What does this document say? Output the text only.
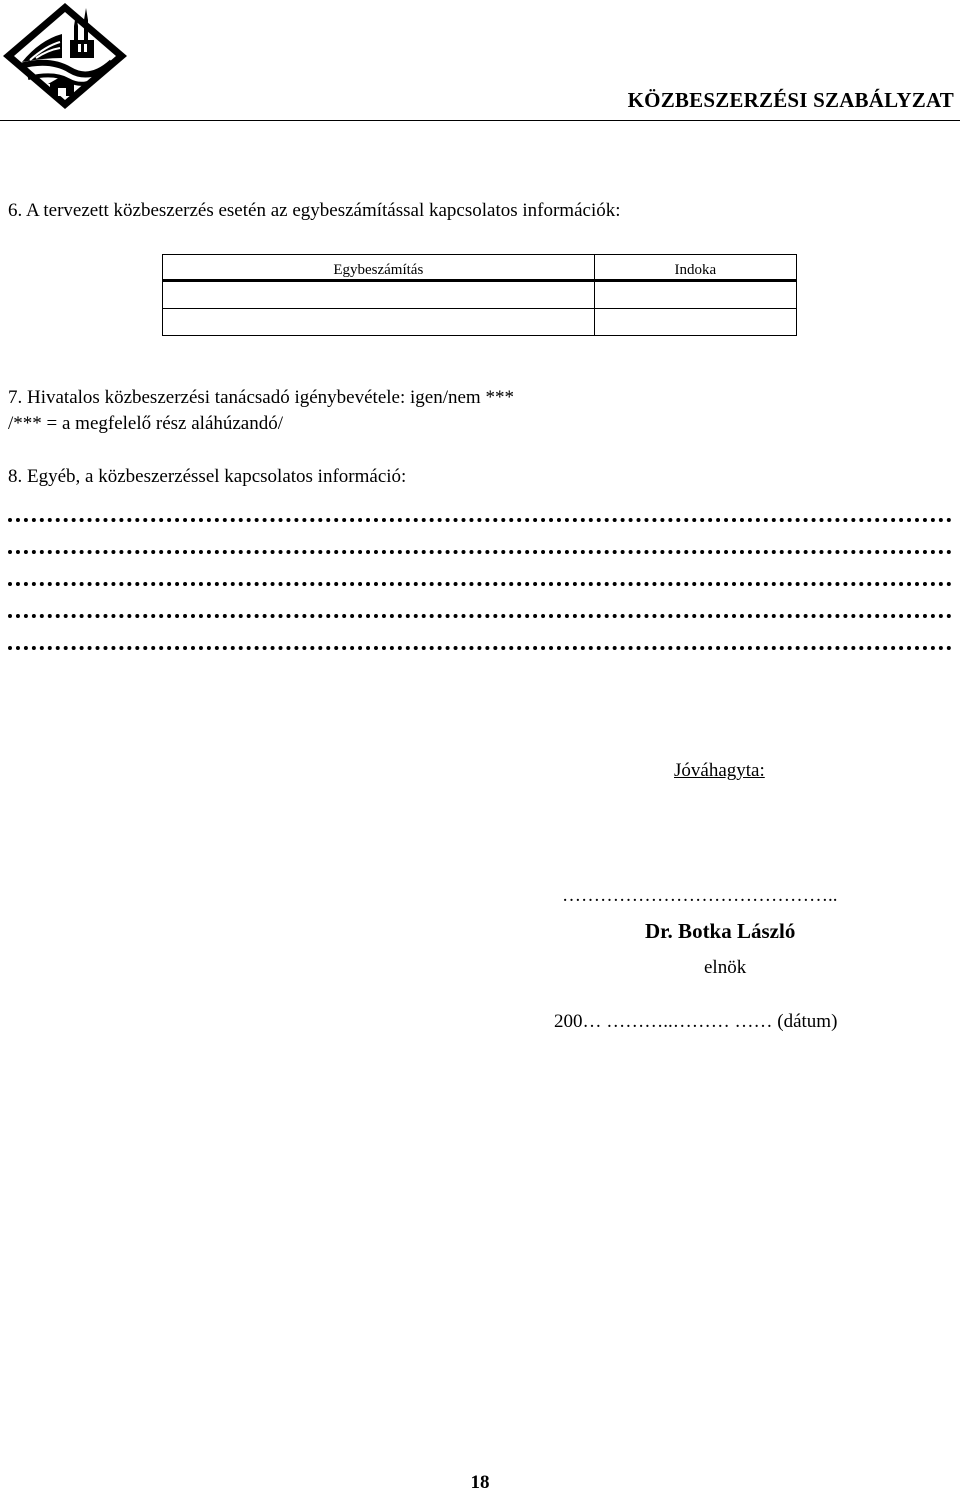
KÖZBESZERZÉSI SZABÁLYZAT
6. A tervezett közbeszerzés esetén az egybeszámítással kapcsolatos információk:
Egybeszámítás	Indoka

7. Hivatalos közbeszerzési tanácsadó igénybevétele: igen/nem ***
/*** = a megfelelő rész aláhúzandó/
8. Egyéb, a közbeszerzéssel kapcsolatos információ:
Jóváhagyta:
……………………………………..
Dr. Botka László
elnök
200… ………..……… …… (dátum)
18
